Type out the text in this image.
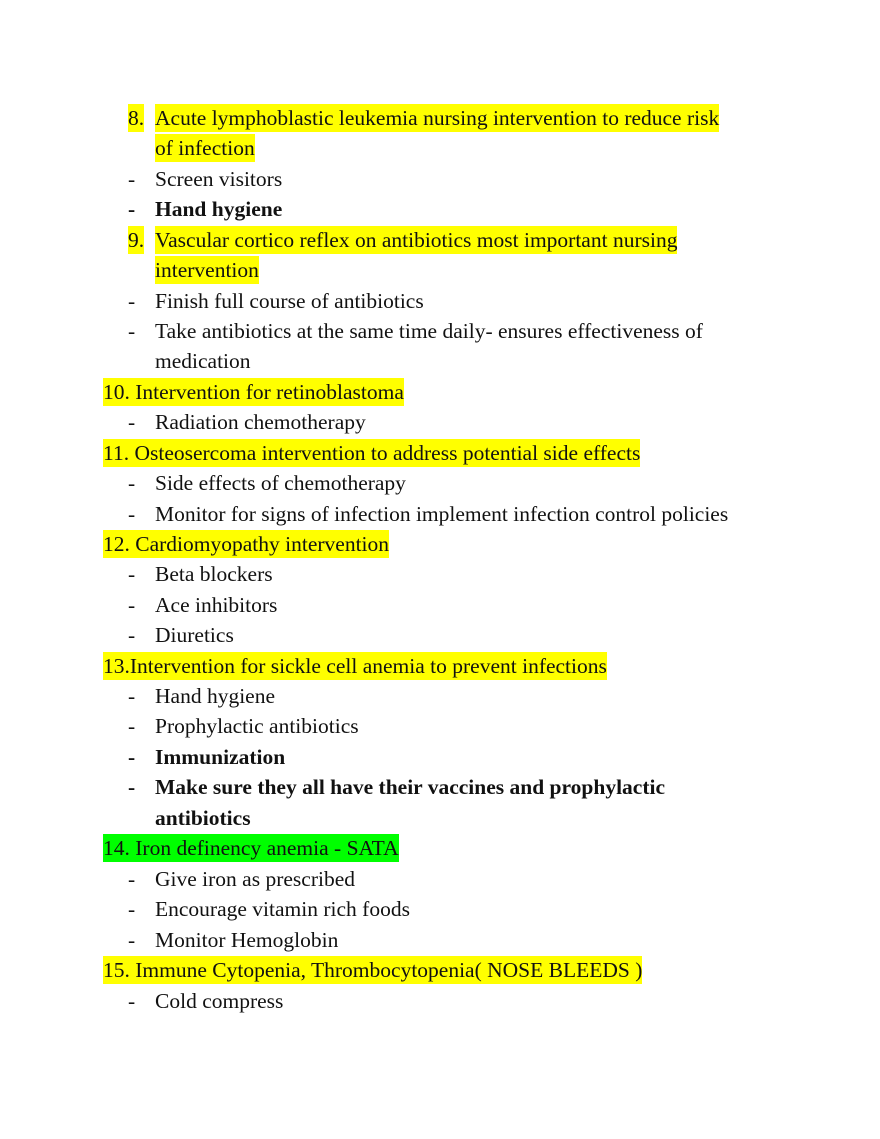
8. Acute lymphoblastic leukemia nursing intervention to reduce risk
of infection
- Screen visitors
- Hand hygiene
9. Vascular cortico reflex on antibiotics most important nursing
intervention
- Finish full course of antibiotics
- Take antibiotics at the same time daily- ensures effectiveness of
medication
10. Intervention for retinoblastoma
- Radiation chemotherapy
11. Osteosercoma intervention to address potential side effects
- Side effects of chemotherapy
- Monitor for signs of infection implement infection control policies
12. Cardiomyopathy intervention
- Beta blockers
- Ace inhibitors
- Diuretics
13.Intervention for sickle cell anemia to prevent infections
- Hand hygiene
- Prophylactic antibiotics
- Immunization
- Make sure they all have their vaccines and prophylactic
antibiotics
14. Iron definency anemia - SATA
- Give iron as prescribed
- Encourage vitamin rich foods
- Monitor Hemoglobin
15. Immune Cytopenia, Thrombocytopenia( NOSE BLEEDS )
- Cold compress
